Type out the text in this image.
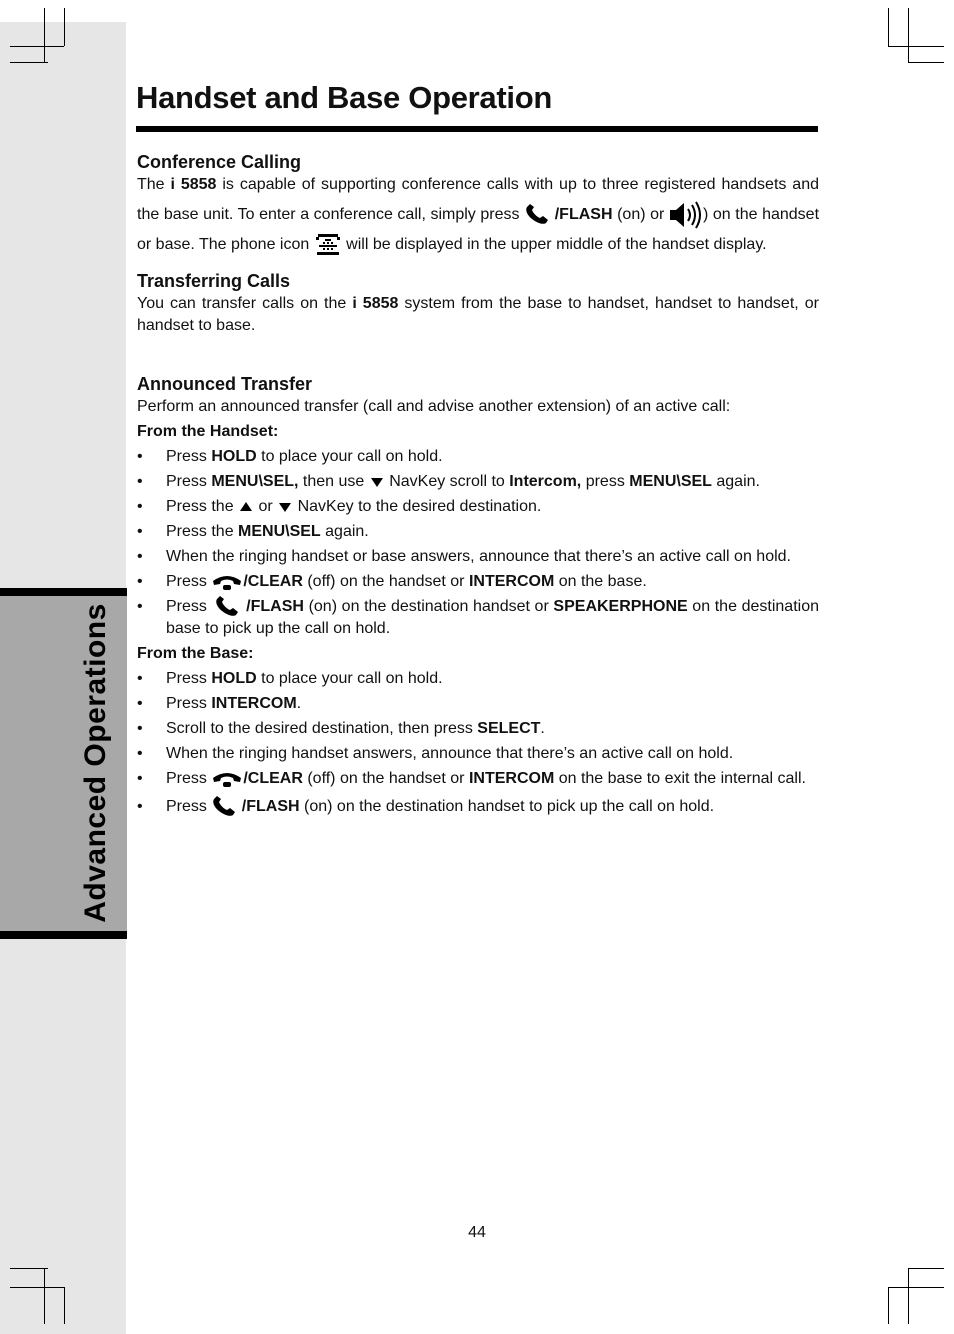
Advanced Operations
Handset and Base Operation
Conference Calling

The i 5858 is capable of supporting conference calls with up to three registered handsets and the base unit. To enter a conference call, simply press  /FLASH (on) or ) on the handset or base. The phone icon  will be displayed in the upper middle of the handset display.

Transferring Calls

You can transfer calls on the i 5858 system from the base to handset, handset to handset, or handset to base.

Announced Transfer

Perform an announced transfer (call and advise another extension) of an active call:

From the Handset:

• Press HOLD to place your call on hold.
• Press MENU\SEL, then use  NavKey scroll to Intercom, press MENU\SEL again.
• Press the  or  NavKey to the desired destination.
• Press the MENU\SEL again.
• When the ringing handset or base answers, announce that there’s an active call on hold.
• Press /CLEAR (off) on the handset or INTERCOM on the base.
• Press  /FLASH (on) on the destination handset or SPEAKERPHONE on the destination base to pick up the call on hold.

From the Base:

• Press HOLD to place your call on hold.
• Press INTERCOM.
• Scroll to the desired destination, then press SELECT.
• When the ringing handset answers, announce that there’s an active call on hold.
• Press /CLEAR (off) on the handset or INTERCOM on the base to exit the internal call.
• Press  /FLASH (on) on the destination handset to pick up the call on hold.
44
